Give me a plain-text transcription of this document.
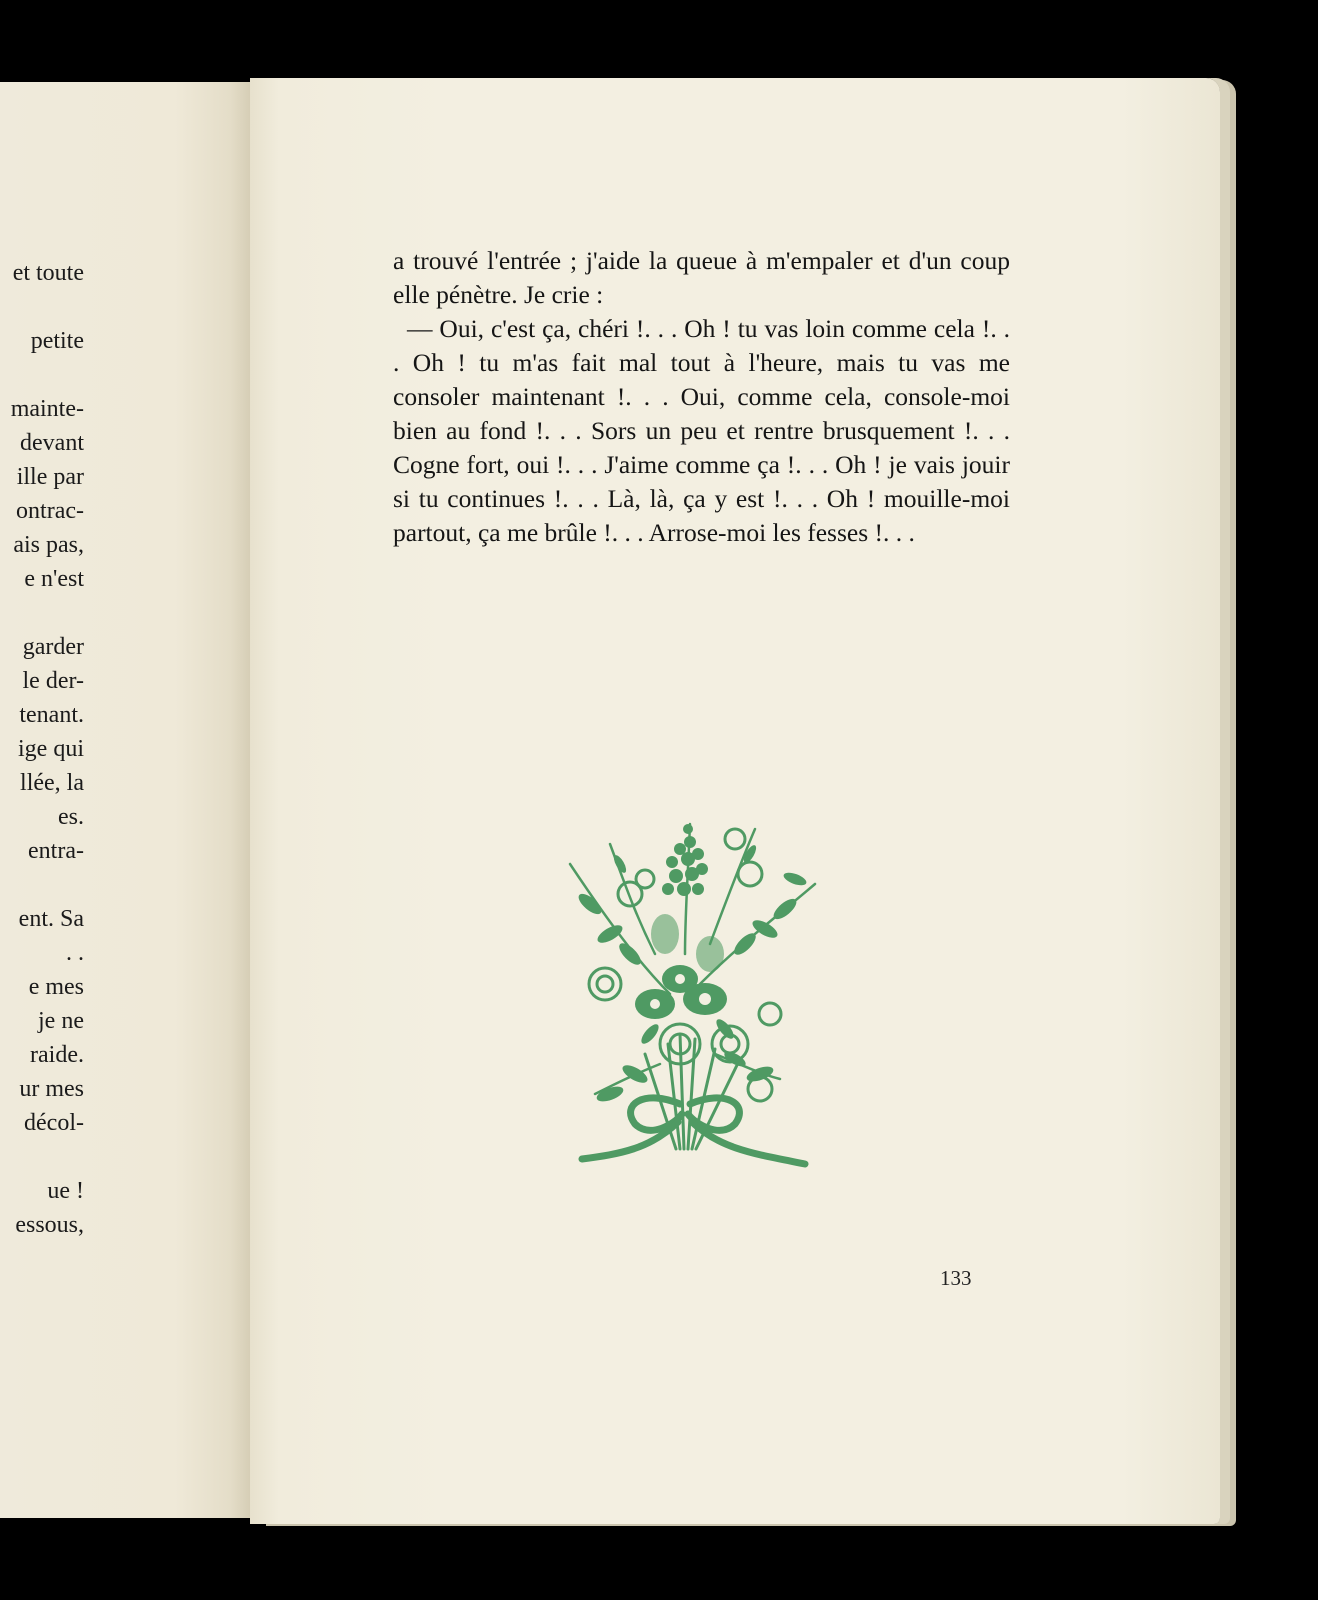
et toute
petite
mainte-
devant
ille par
ontrac-
ais pas,
e n'est
garder
le der-
tenant.
ige qui
llée, la
es.
entra-
ent. Sa
. .
e mes
je ne
raide.
ur mes
décol-
ue !
essous,

a trouvé l'entrée ; j'aide la queue à m'empaler et d'un coup elle pénètre. Je crie :

— Oui, c'est ça, chéri !. . . Oh ! tu vas loin comme cela !. . . Oh ! tu m'as fait mal tout à l'heure, mais tu vas me consoler maintenant !. . . Oui, comme cela, console-moi bien au fond !. . . Sors un peu et rentre brusquement !. . . Cogne fort, oui !. . . J'aime comme ça !. . . Oh ! je vais jouir si tu continues !. . . Là, là, ça y est !. . . Oh ! mouille-moi partout, ça me brûle !. . . Arrose-moi les fesses !. . .

133
